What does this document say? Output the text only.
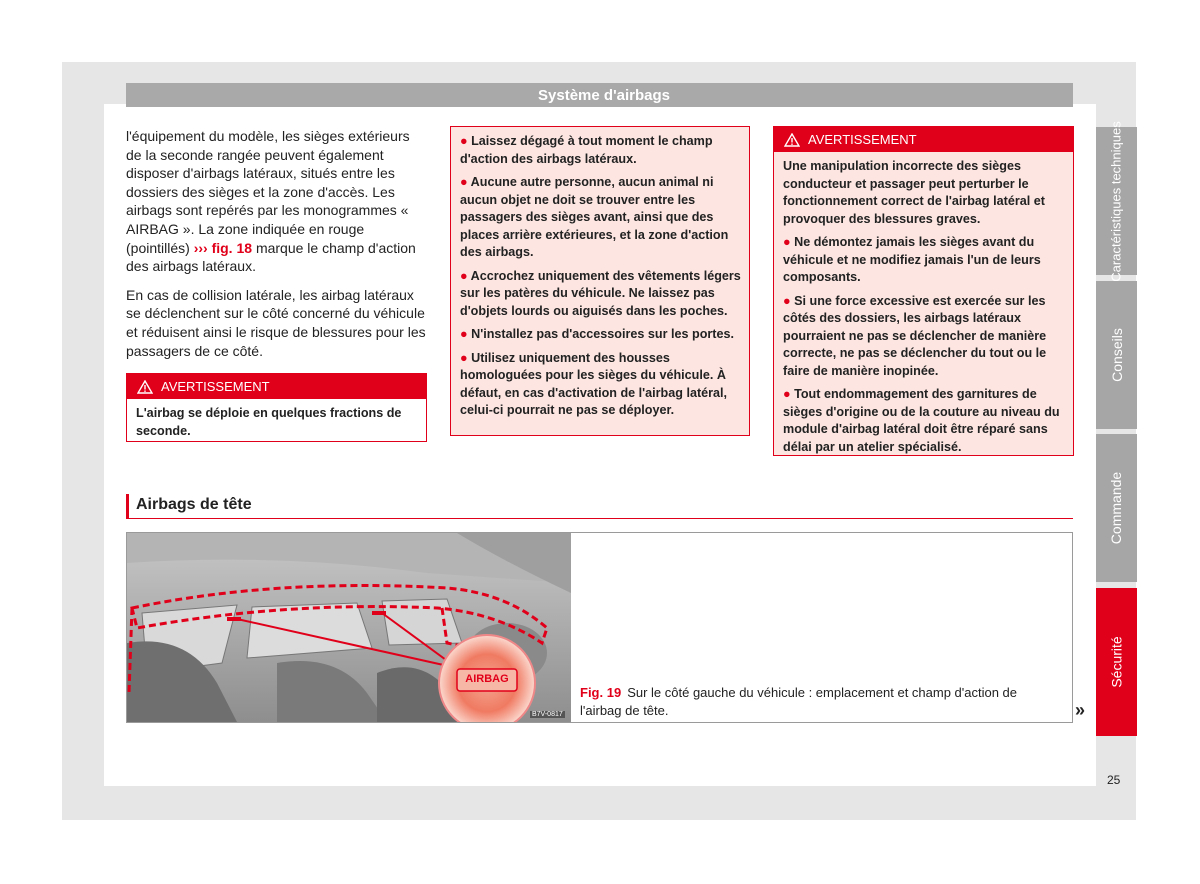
Système d'airbags

l'équipement du modèle, les sièges extérieurs de la seconde rangée peuvent également disposer d'airbags latéraux, situés entre les dossiers des sièges et la zone d'accès. Les airbags sont repérés par les monogrammes « AIRBAG ». La zone indiquée en rouge (pointillés) ››› fig. 18 marque le champ d'action des airbags latéraux.

En cas de collision latérale, les airbag latéraux se déclenchent sur le côté concerné du véhicule et réduisent ainsi le risque de blessures pour les passagers de ce côté.

AVERTISSEMENT
L'airbag se déploie en quelques fractions de seconde.

● Laissez dégagé à tout moment le champ d'action des airbags latéraux.

● Aucune autre personne, aucun animal ni aucun objet ne doit se trouver entre les passagers des sièges avant, ainsi que des places arrière extérieures, et la zone d'action des airbags.

● Accrochez uniquement des vêtements légers sur les patères du véhicule. Ne laissez pas d'objets lourds ou aiguisés dans les poches.

● N'installez pas d'accessoires sur les portes.

● Utilisez uniquement des housses homologuées pour les sièges du véhicule. À défaut, en cas d'activation de l'airbag latéral, celui-ci pourrait ne pas se déployer.

AVERTISSEMENT

Une manipulation incorrecte des sièges conducteur et passager peut perturber le fonctionnement correct de l'airbag latéral et provoquer des blessures graves.

● Ne démontez jamais les sièges avant du véhicule et ne modifiez jamais l'un de leurs composants.

● Si une force excessive est exercée sur les côtés des dossiers, les airbags latéraux pourraient ne pas se déclencher de manière correcte, ne pas se déclencher du tout ou le faire de manière inopinée.

● Tout endommagement des garnitures de sièges d'origine ou de la couture au niveau du module d'airbag latéral doit être réparé sans délai par un atelier spécialisé.

Airbags de tête
AIRBAG
B7V-0817
Fig. 19 Sur le côté gauche du véhicule : emplacement et champ d'action de l'airbag de tête.	»
Caractéristiques techniques
Conseils
Commande
Sécurité
25
